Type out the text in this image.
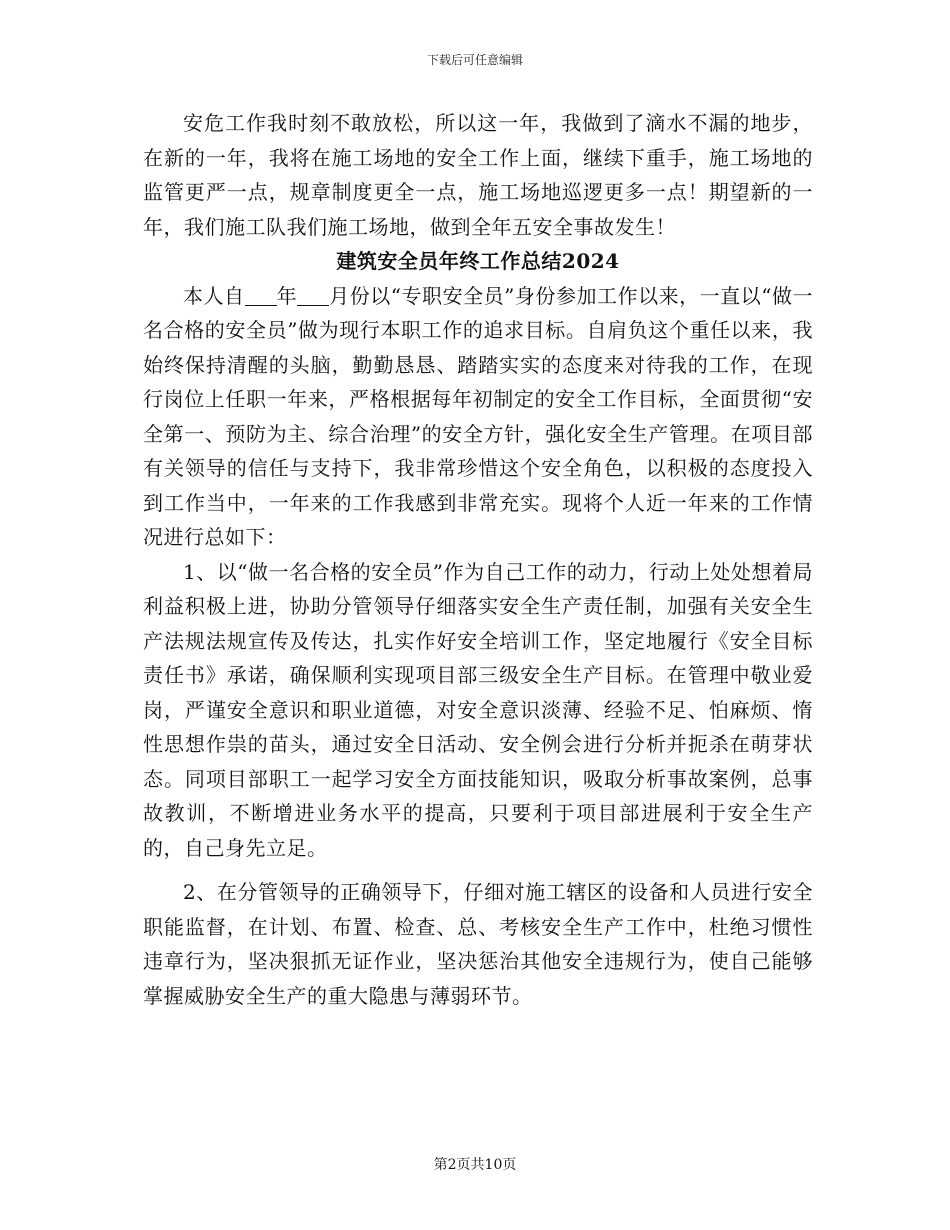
下载后可任意编辑

安危工作我时刻不敢放松，所以这一年，我做到了滴水不漏的地步，在新的一年，我将在施工场地的安全工作上面，继续下重手，施工场地的监管更严一点，规章制度更全一点，施工场地巡逻更多一点！期望新的一年，我们施工队我们施工场地，做到全年五安全事故发生！

建筑安全员年终工作总结2024

本人自 年 月份以“专职安全员”身份参加工作以来，一直以“做一名合格的安全员”做为现行本职工作的追求目标。自肩负这个重任以来，我始终保持清醒的头脑，勤勤恳恳、踏踏实实的态度来对待我的工作，在现行岗位上任职一年来，严格根据每年初制定的安全工作目标，全面贯彻“安全第一、预防为主、综合治理”的安全方针，强化安全生产管理。在项目部有关领导的信任与支持下，我非常珍惜这个安全角色，以积极的态度投入到工作当中，一年来的工作我感到非常充实。现将个人近一年来的工作情况进行总如下：

1、以“做一名合格的安全员”作为自己工作的动力，行动上处处想着局利益积极上进，协助分管领导仔细落实安全生产责任制，加强有关安全生产法规法规宣传及传达，扎实作好安全培训工作，坚定地履行《安全目标责任书》承诺，确保顺利实现项目部三级安全生产目标。在管理中敬业爱岗，严谨安全意识和职业道德，对安全意识淡薄、经验不足、怕麻烦、惰性思想作祟的苗头，通过安全日活动、安全例会进行分析并扼杀在萌芽状态。同项目部职工一起学习安全方面技能知识，吸取分析事故案例，总事故教训，不断增进业务水平的提高，只要利于项目部进展利于安全生产的，自己身先立足。

2、在分管领导的正确领导下，仔细对施工辖区的设备和人员进行安全职能监督，在计划、布置、检查、总、考核安全生产工作中，杜绝习惯性违章行为，坚决狠抓无证作业，坚决惩治其他安全违规行为，使自己能够掌握威胁安全生产的重大隐患与薄弱环节。

第2页共10页
